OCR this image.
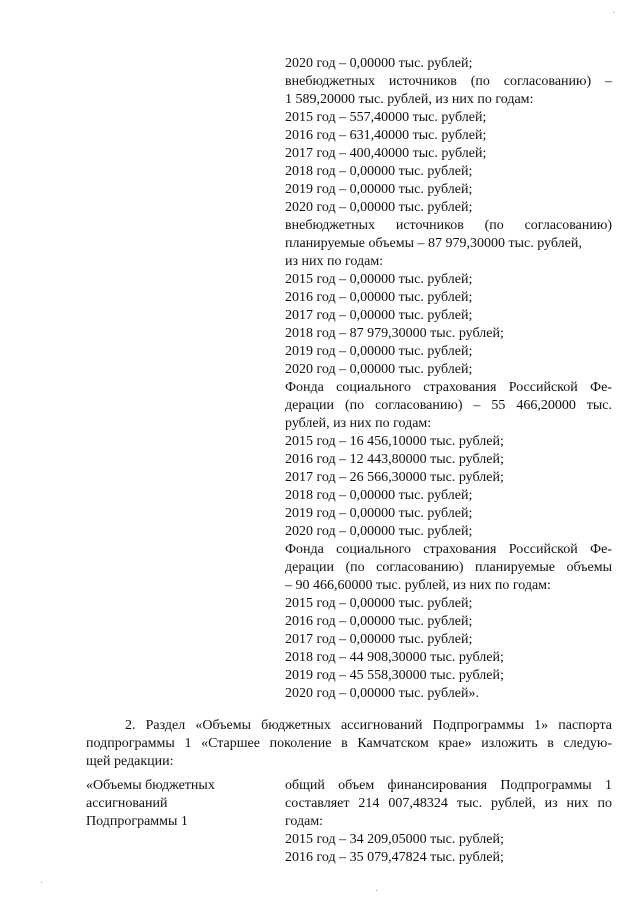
2020 год – 0,00000 тыс. рублей;
внебюджетных источников (по согласованию) –
1 589,20000 тыс. рублей, из них по годам:
2015 год – 557,40000 тыс. рублей;
2016 год – 631,40000 тыс. рублей;
2017 год – 400,40000 тыс. рублей;
2018 год – 0,00000 тыс. рублей;
2019 год – 0,00000 тыс. рублей;
2020 год – 0,00000 тыс. рублей;
внебюджетных источников (по согласованию)
планируемые объемы – 87 979,30000 тыс. рублей,
из них по годам:
2015 год – 0,00000 тыс. рублей;
2016 год – 0,00000 тыс. рублей;
2017 год – 0,00000 тыс. рублей;
2018 год – 87 979,30000 тыс. рублей;
2019 год – 0,00000 тыс. рублей;
2020 год – 0,00000 тыс. рублей;
Фонда социального страхования Российской Фе-
дерации (по согласованию) – 55 466,20000 тыс.
рублей, из них по годам:
2015 год – 16 456,10000 тыс. рублей;
2016 год – 12 443,80000 тыс. рублей;
2017 год – 26 566,30000 тыс. рублей;
2018 год – 0,00000 тыс. рублей;
2019 год – 0,00000 тыс. рублей;
2020 год – 0,00000 тыс. рублей;
Фонда социального страхования Российской Фе-
дерации (по согласованию) планируемые объемы
– 90 466,60000 тыс. рублей, из них по годам:
2015 год – 0,00000 тыс. рублей;
2016 год – 0,00000 тыс. рублей;
2017 год – 0,00000 тыс. рублей;
2018 год – 44 908,30000 тыс. рублей;
2019 год – 45 558,30000 тыс. рублей;
2020 год – 0,00000 тыс. рублей».
2. Раздел «Объемы бюджетных ассигнований Подпрограммы 1» паспорта
подпрограммы 1 «Старшее поколение в Камчатском крае» изложить в следую-
щей редакции:
«Объемы бюджетных
ассигнований
Подпрограммы 1
общий объем финансирования Подпрограммы 1
составляет 214 007,48324 тыс. рублей, из них по
годам:
2015 год – 34 209,05000 тыс. рублей;
2016 год – 35 079,47824 тыс. рублей;
·
·
·
